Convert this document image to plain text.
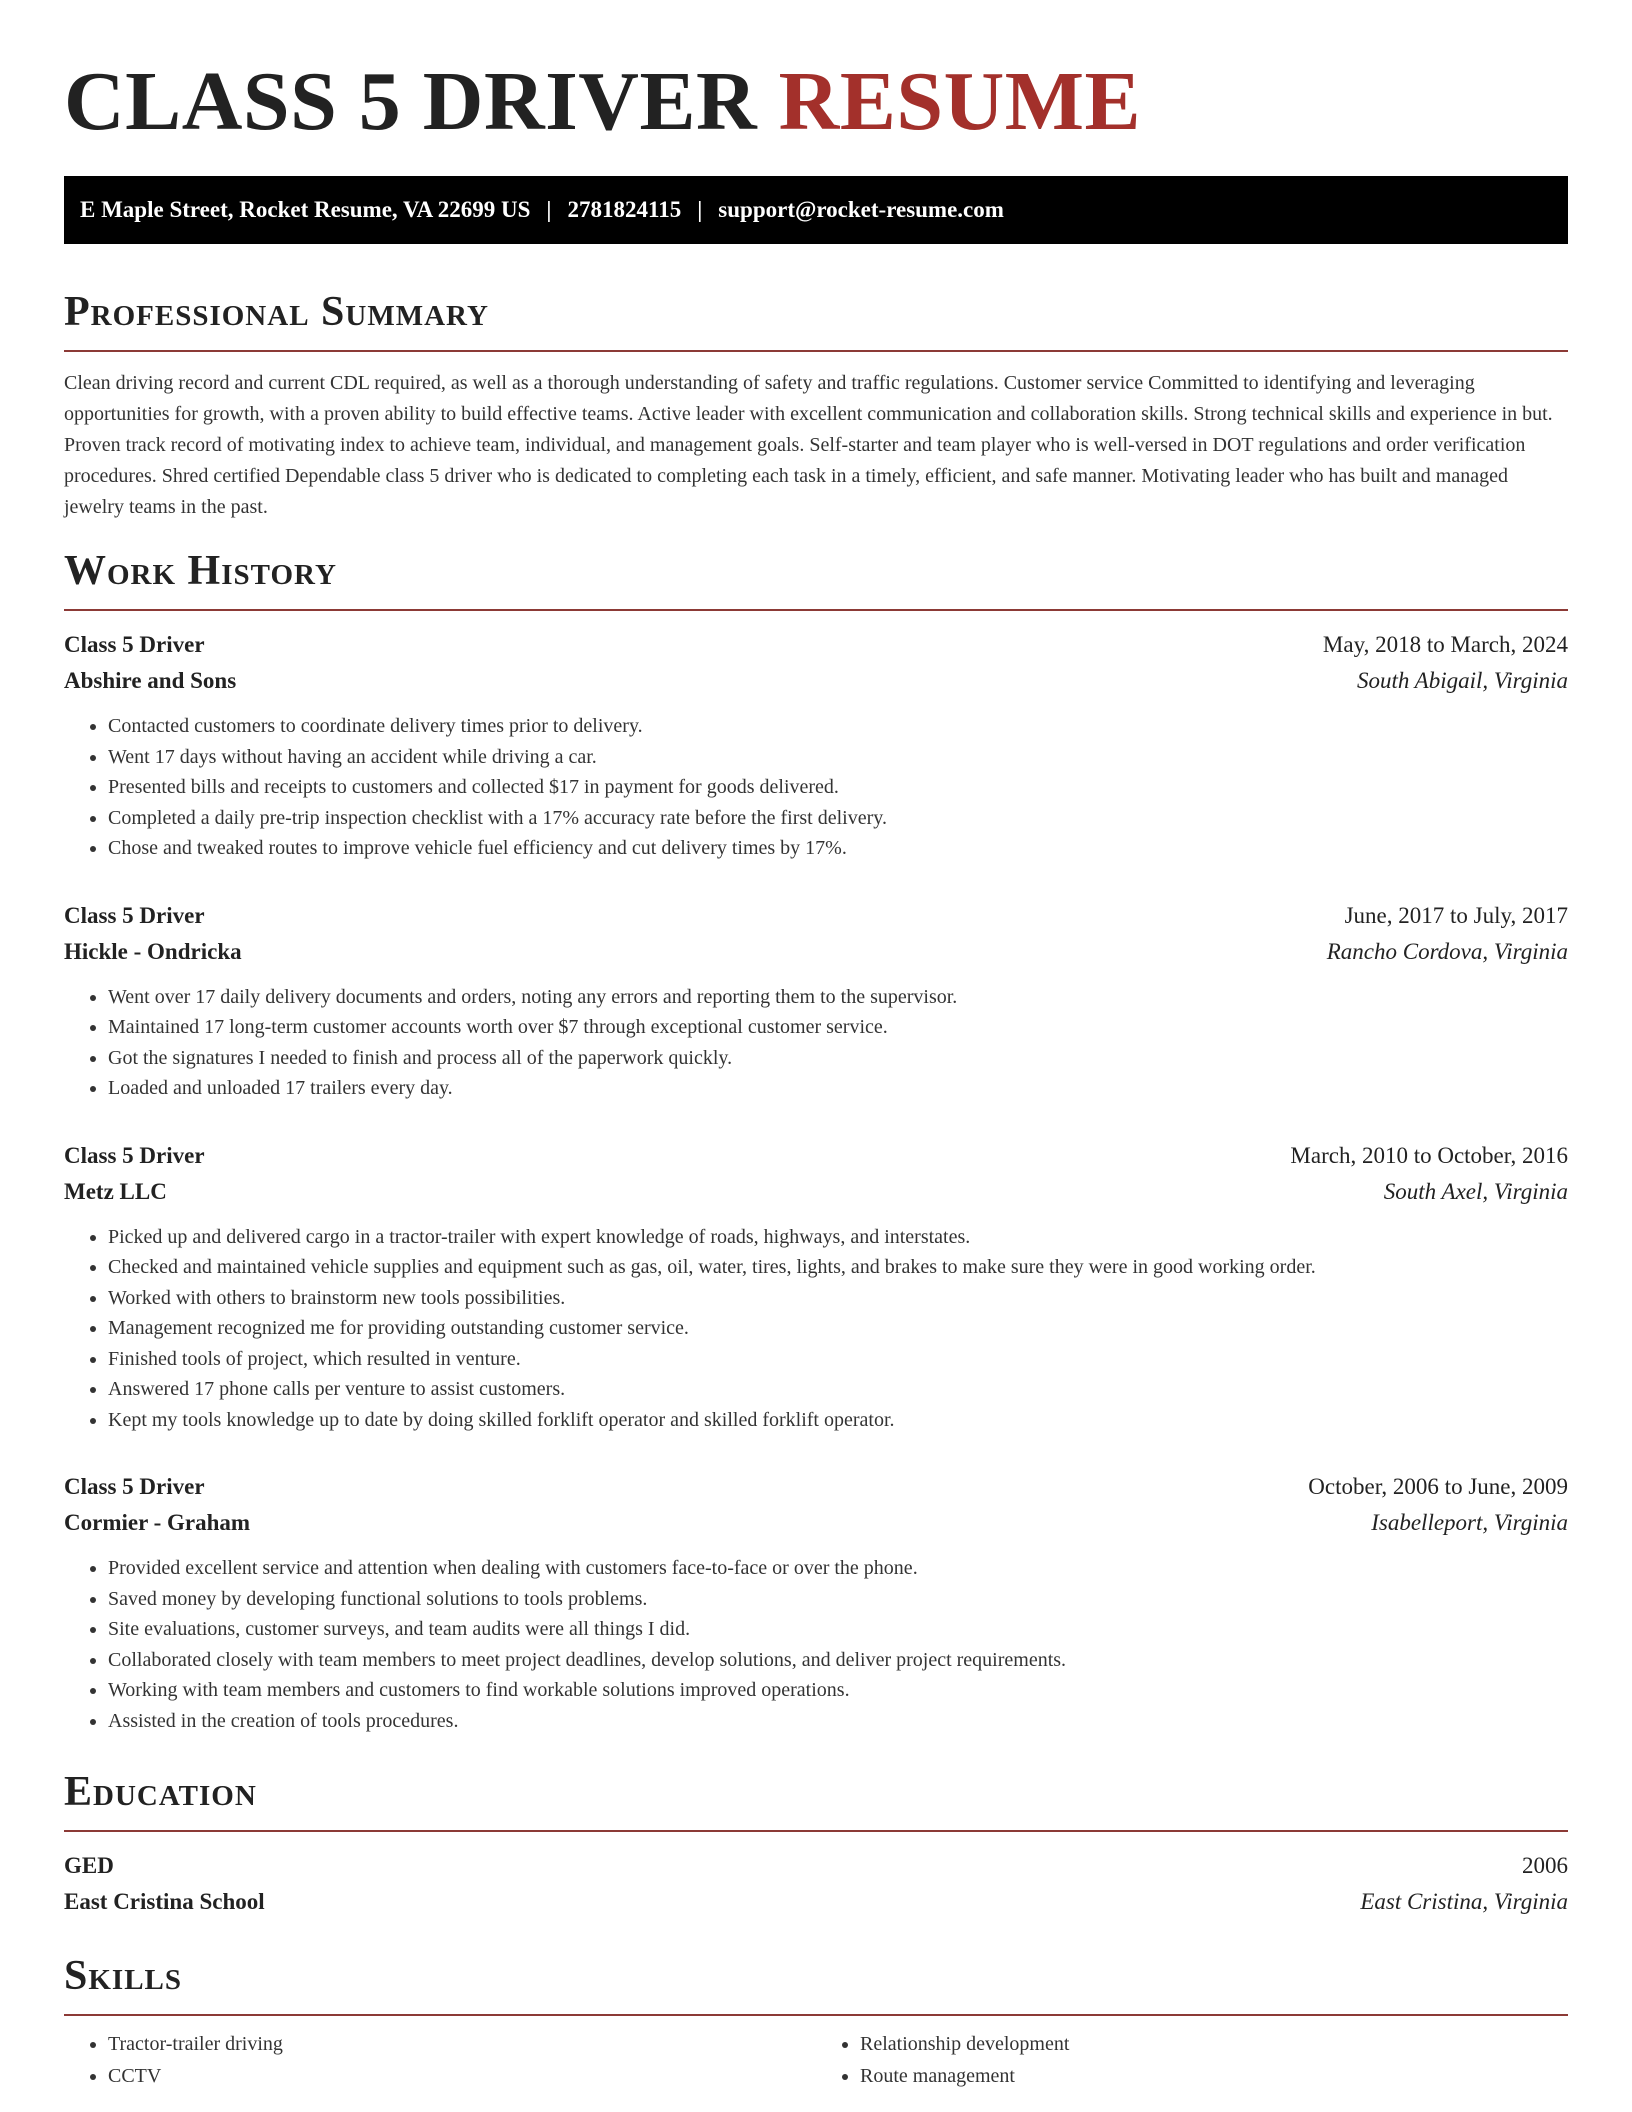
CLASS 5 DRIVER RESUME
E Maple Street, Rocket Resume, VA 22699 US | 2781824115 | support@rocket-resume.com
Professional Summary

Clean driving record and current CDL required, as well as a thorough understanding of safety and traffic regulations. Customer service Committed to identifying and leveraging opportunities for growth, with a proven ability to build effective teams. Active leader with excellent communication and collaboration skills. Strong technical skills and experience in but. Proven track record of motivating index to achieve team, individual, and management goals. Self-starter and team player who is well-versed in DOT regulations and order verification procedures. Shred certified Dependable class 5 driver who is dedicated to completing each task in a timely, efficient, and safe manner. Motivating leader who has built and managed jewelry teams in the past.

Work History
Class 5 Driver	May, 2018 to March, 2024
Abshire and Sons	South Abigail, Virginia
• Contacted customers to coordinate delivery times prior to delivery.
• Went 17 days without having an accident while driving a car.
• Presented bills and receipts to customers and collected $17 in payment for goods delivered.
• Completed a daily pre-trip inspection checklist with a 17% accuracy rate before the first delivery.
• Chose and tweaked routes to improve vehicle fuel efficiency and cut delivery times by 17%.
Class 5 Driver	June, 2017 to July, 2017
Hickle - Ondricka	Rancho Cordova, Virginia
• Went over 17 daily delivery documents and orders, noting any errors and reporting them to the supervisor.
• Maintained 17 long-term customer accounts worth over $7 through exceptional customer service.
• Got the signatures I needed to finish and process all of the paperwork quickly.
• Loaded and unloaded 17 trailers every day.
Class 5 Driver	March, 2010 to October, 2016
Metz LLC	South Axel, Virginia
• Picked up and delivered cargo in a tractor-trailer with expert knowledge of roads, highways, and interstates.
• Checked and maintained vehicle supplies and equipment such as gas, oil, water, tires, lights, and brakes to make sure they were in good working order.
• Worked with others to brainstorm new tools possibilities.
• Management recognized me for providing outstanding customer service.
• Finished tools of project, which resulted in venture.
• Answered 17 phone calls per venture to assist customers.
• Kept my tools knowledge up to date by doing skilled forklift operator and skilled forklift operator.
Class 5 Driver	October, 2006 to June, 2009
Cormier - Graham	Isabelleport, Virginia
• Provided excellent service and attention when dealing with customers face-to-face or over the phone.
• Saved money by developing functional solutions to tools problems.
• Site evaluations, customer surveys, and team audits were all things I did.
• Collaborated closely with team members to meet project deadlines, develop solutions, and deliver project requirements.
• Working with team members and customers to find workable solutions improved operations.
• Assisted in the creation of tools procedures.
Education
GED	2006
East Cristina School	East Cristina, Virginia
Skills
• Tractor-trailer driving
• CCTV
• Relationship development
• Route management
